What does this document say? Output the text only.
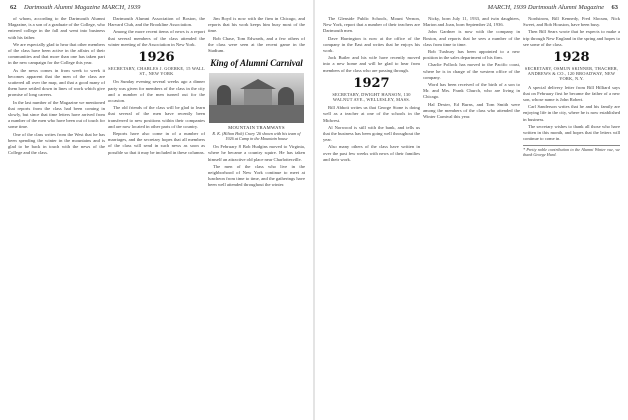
62 Dartmouth Alumni Magazine MARCH, 1939

of whom, according to the Dartmouth Alumni Magazine, is a son of a graduate of the College, who entered college in the fall and went into business with his father.

We are especially glad to hear that other members of the class have been active in the affairs of their communities and that more than one has taken part in the new campaign for the College this year.

As the news comes in from week to week it becomes apparent that the men of the class are scattered all over the map, and that a good many of them have settled down in lines of work which give promise of long careers.

In the last number of the Magazine we mentioned that reports from the class had been coming in slowly, but since that time letters have arrived from a number of the men who have been out of touch for some time.

One of the class writes from the West that he has been spending the winter in the mountains and is glad to be back in touch with the news of the College and the class.

Dartmouth Alumni Association of Boston, the Harvard Club, and the Brookline Association.

Among the more recent items of news is a report that several members of the class attended the winter meeting of the Association in New York.

1926
SECRETARY, CHARLES J. GOERKE, 15 WALL ST., NEW YORK

On Sunday evening several weeks ago a dinner party was given for members of the class in the city and a number of the men turned out for the occasion.

The old friends of the class will be glad to learn that several of the men have recently been transferred to new positions within their companies and are now located in other parts of the country.

Reports have also come in of a number of marriages, and the secretary hopes that all members of the class will send in such news as soon as possible so that it may be included in these columns.

Jim Boyd is now with the firm in Chicago, and reports that his work keeps him busy most of the time.

Bob Chase, Tom Edwards, and a few others of the class were seen at the recent game in the Stadium.

King of Alumni Carnival
MOUNTAIN TRAMWAYS
R. K. (Hilton Holt) Crary '26 shown with his team of 1926 at Camp in the Mountain house

On February 8 Bob Hudgins moved to Virginia, where he became a country squire. He has taken himself an attractive old place near Charlottesville.

The men of the class who live in the neighborhood of New York continue to meet at luncheon from time to time, and the gatherings have been well attended throughout the winter.

MARCH, 1939 Dartmouth Alumni Magazine 63

The Glenside Public Schools, Mount Vernon, New York, report that a number of their teachers are Dartmouth men.

Dave Harrington is now at the office of the company in the East and writes that he enjoys his work.

Jack Butler and his wife have recently moved into a new home and will be glad to hear from members of the class who are passing through.

1927
SECRETARY, DWIGHT HANSON, 130 WALNUT AVE., WELLESLEY, MASS.

Bill Abbott writes us that George Stone is doing well as a teacher at one of the schools in the Midwest.

Al Norwood is still with the bank, and tells us that the business has been going well throughout the year.

Also many others of the class have written in over the past few weeks with news of their families and their work.

Nicky, born July 11, 1933, and twin daughters, Marion and Joan, born September 24, 1936.

John Gardner is now with the company in Boston, and reports that he sees a number of the class from time to time.

Bob Tuxbury has been appointed to a new position in the sales department of his firm.

Charlie Pollock has moved to the Pacific coast, where he is in charge of the western office of the company.

Word has been received of the birth of a son to Mr. and Mrs. Frank Church, who are living in Chicago.

Hal Dexter, Ed Burns, and Tom Smith were among the members of the class who attended the Winter Carnival this year.

Nordstrom, Bill Kennedy, Fred Slocum, Nick Sweet, and Bob Houston, have been busy.

Then Bill Sears wrote that he expects to make a trip through New England in the spring and hopes to see some of the class.

1928
SECRETARY, OSMUN SKINNER, THACHER, ANDREWS & CO., 120 BROADWAY, NEW YORK, N.Y.

A special delivery letter from Bill Hilliard says that on February first he became the father of a new son, whose name is John Robert.

Carl Sanderson writes that he and his family are enjoying life in the city, where he is now established in business.

The secretary wishes to thank all those who have written in this month, and hopes that the letters will continue to come in.

* Pretty noble contribution to the Alumni Winter vue, we thank George Hurd.
